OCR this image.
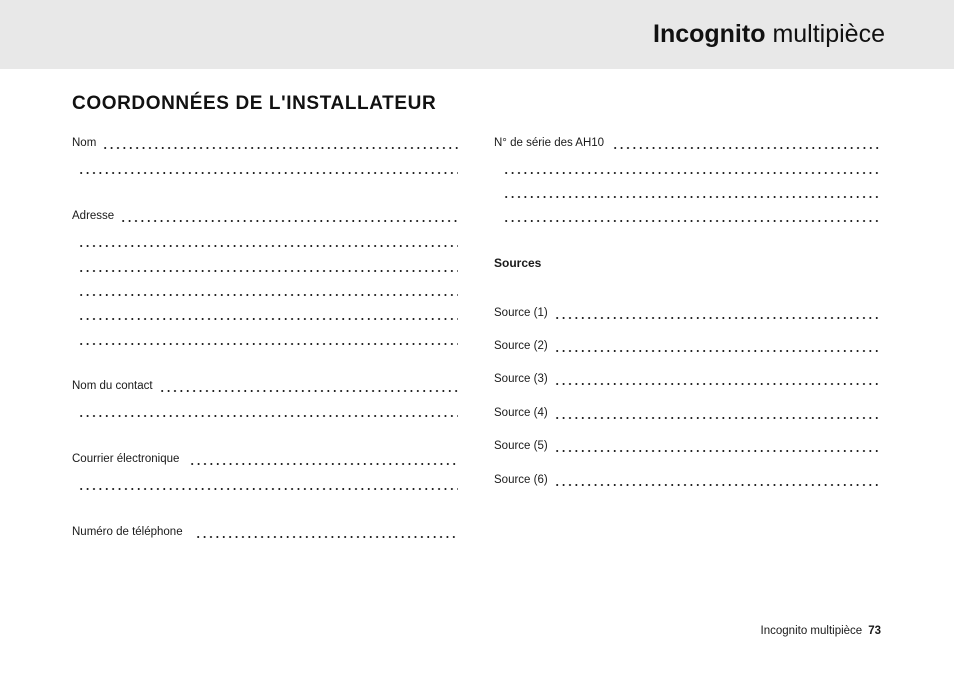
Incognito multipièce
COORDONNÉES DE L'INSTALLATEUR
Nom
Adresse
Nom du contact
Courrier électronique
Numéro de téléphone
N° de série des AH10
Sources
Source (1)
Source (2)
Source (3)
Source (4)
Source (5)
Source (6)
Incognito multipièce 73
